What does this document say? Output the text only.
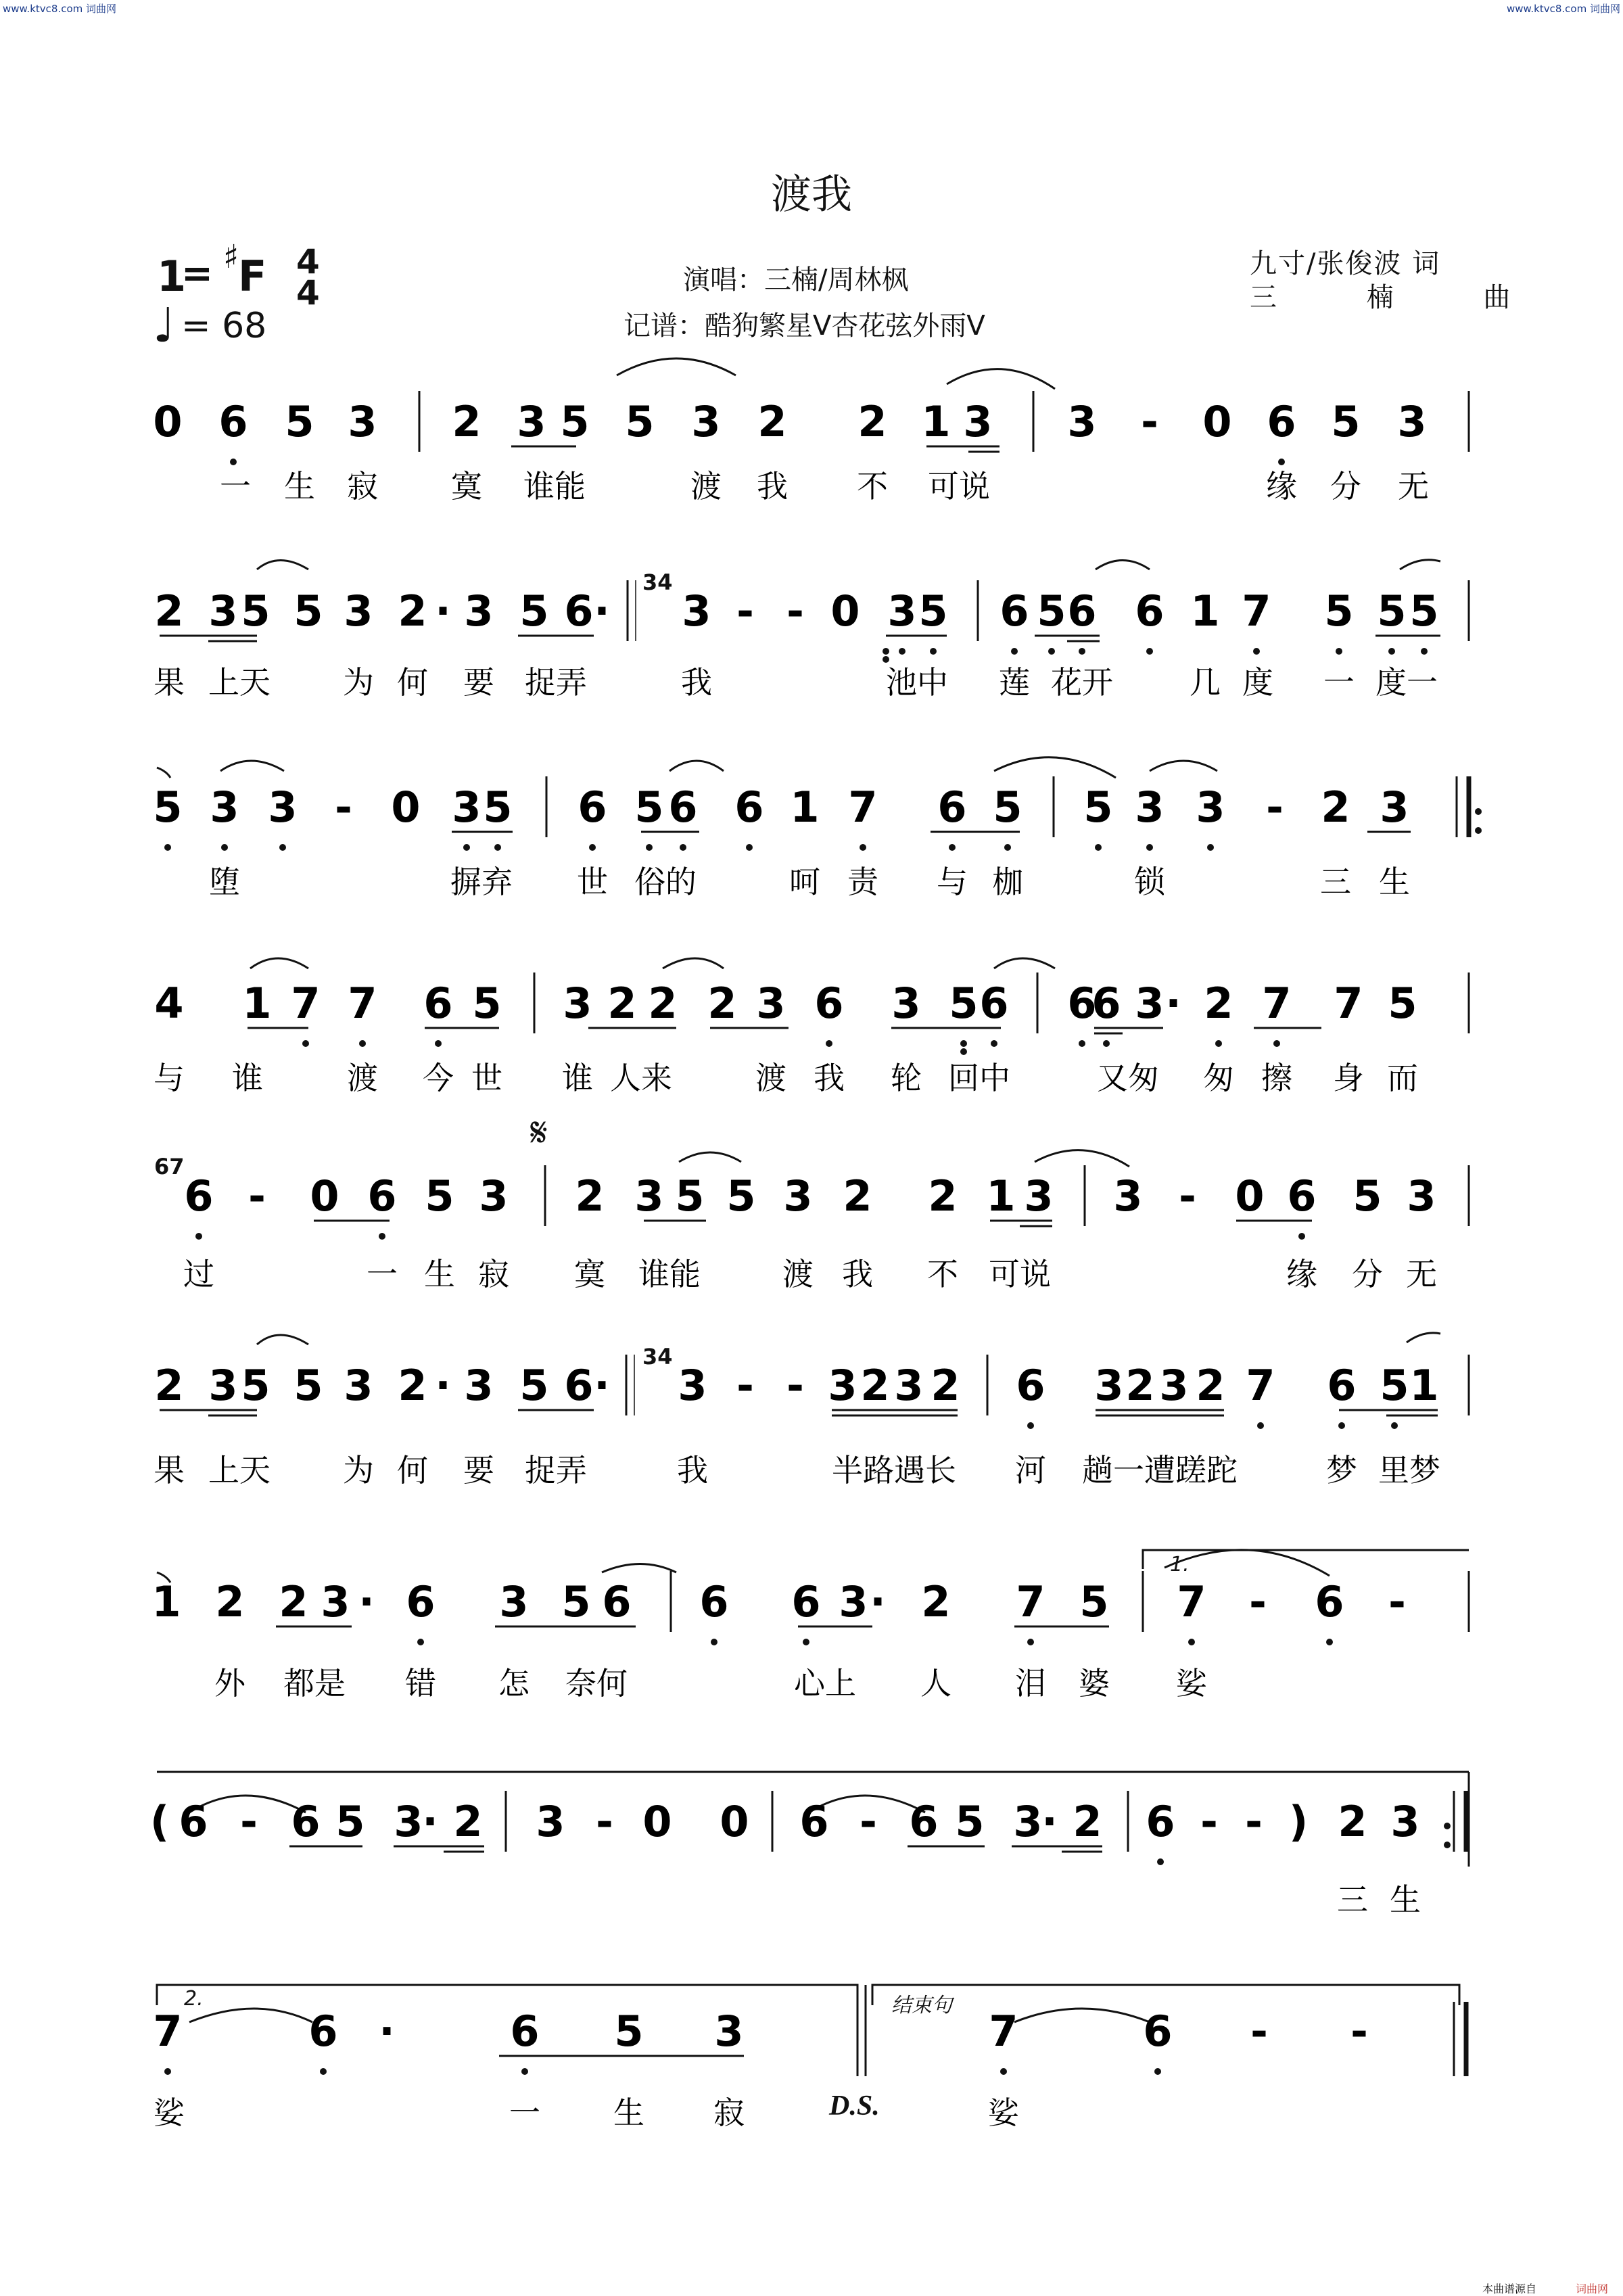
www.ktvc8.com 词曲网	www.ktvc8.com 词曲网
渡我
1
= ♯
F 4
4
♩ = 68
演唱：三楠/周林枫
记谱：酷狗繁星V杏花弦外雨V
九寸/张俊波 词
三 楠 曲
0 6 5 3 2 3 5 5 3 2 2 1 3 3 - 0 6 5 3
2 3 5 5 3 2 · 3 5 6 · 3 - - 0 3 5 6 5 6 6 1 7 5 5 5
5 3 3 - 0 3 5 6 5 6 6 1 7 6 5 5 3 3 - 2 3
4 1 7 7 6 5 3 2 2 2 3 6 3 5 6 6
6 3 · 2 7 7 5
6 - 0 6 5 3 2 3 5 5 3 2 2 1 3 3 - 0 6 5 3
2 3 5 5 3 2 · 3 5 6 · 3 - - 3 2 3 2 6 3 2 3 2 7 6 5 1
1 2 2 3 · 6 3 5 6 6 6 3 · 2 7 5 7 - 6 -
( 6 - 6 5 3
· 2 3 - 0 0 6 - 6 5 3
· 2 6 - - ) 2 3
7	6 ·	6 5 3	7	6 - -
一 生 寂 寞 谁能	渡 我 不 可说	缘 分 无
果 上天 为 何 要 捉弄	我	池中 莲 花开 几 度 一 度一
堕	摒弃 世 俗的	呵 责 与 枷	锁	三 生
与 谁	渡 今 世 谁 人来	渡 我 轮 回中	又匆 匆 擦 身 而
过	一 生 寂 寞 谁能	渡 我 不 可说	缘 分 无
果 上天 为 何 要 捉弄	我	半路遇长 河 趟一遭蹉跎	梦 里梦
外 都是 错 怎 奈何	心上 人 泪 婆 娑
三 生
娑	一 生 寂	娑
34
34
67
𝄋
1.
2.	结束句
D.S.
本曲谱源自	词曲网
